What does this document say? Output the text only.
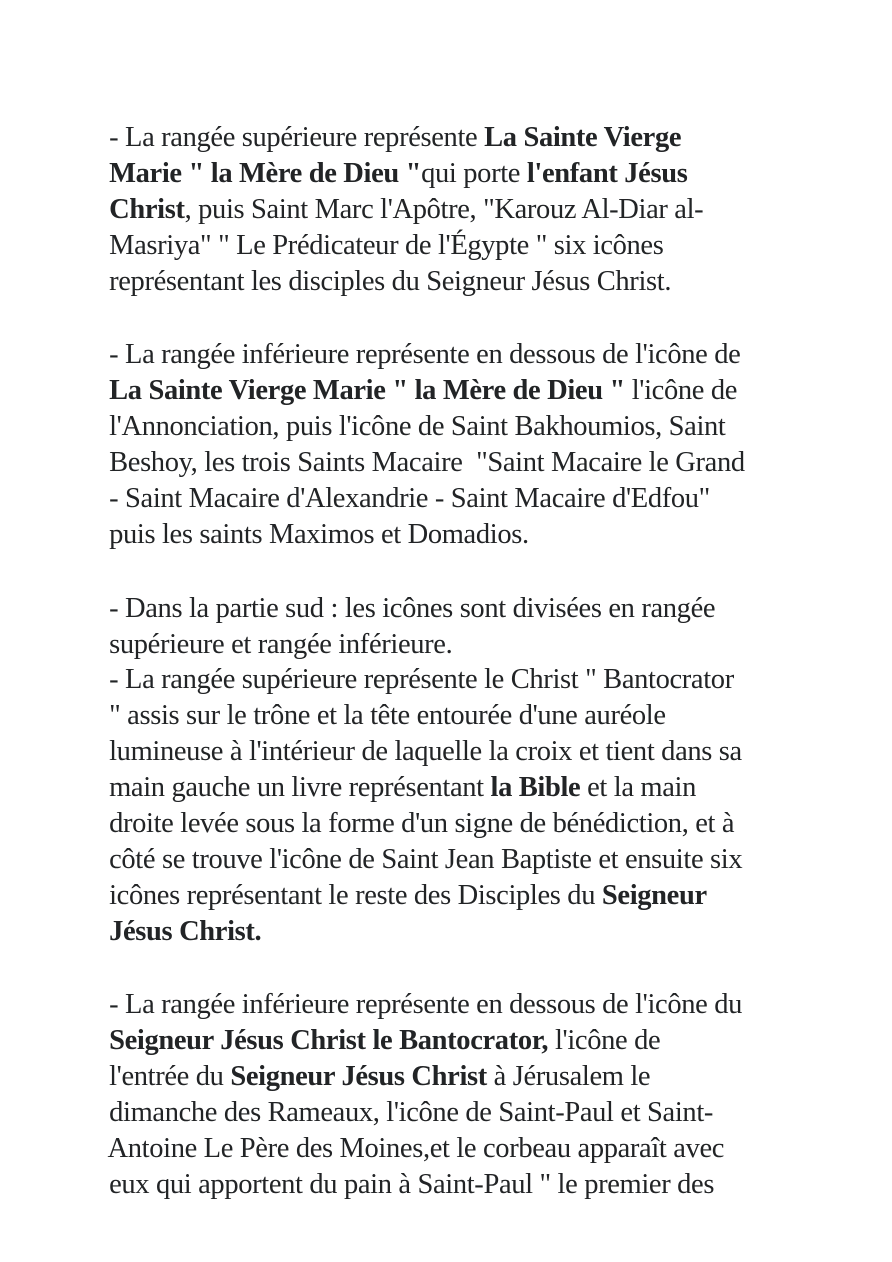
- La rangée supérieure représente La Sainte Vierge

Marie " la Mère de Dieu "qui porte l'enfant Jésus

Christ, puis Saint Marc l'Apôtre, "Karouz Al-Diar al-

Masriya" " Le Prédicateur de l'Égypte " six icônes

représentant les disciples du Seigneur Jésus Christ.

- La rangée inférieure représente en dessous de l'icône de

La Sainte Vierge Marie " la Mère de Dieu " l'icône de

l'Annonciation, puis l'icône de Saint Bakhoumios, Saint

Beshoy, les trois Saints Macaire  "Saint Macaire le Grand

- Saint Macaire d'Alexandrie - Saint Macaire d'Edfou"

puis les saints Maximos et Domadios.

- Dans la partie sud : les icônes sont divisées en rangée

supérieure et rangée inférieure.

- La rangée supérieure représente le Christ " Bantocrator

" assis sur le trône et la tête entourée d'une auréole

lumineuse à l'intérieur de laquelle la croix et tient dans sa

main gauche un livre représentant la Bible et la main

droite levée sous la forme d'un signe de bénédiction, et à

côté se trouve l'icône de Saint Jean Baptiste et ensuite six

icônes représentant le reste des Disciples du Seigneur

Jésus Christ.

- La rangée inférieure représente en dessous de l'icône du

Seigneur Jésus Christ le Bantocrator, l'icône de

l'entrée du Seigneur Jésus Christ à Jérusalem le

dimanche des Rameaux, l'icône de Saint-Paul et Saint-

Antoine Le Père des Moines,et le corbeau apparaît avec

eux qui apportent du pain à Saint-Paul " le premier des
